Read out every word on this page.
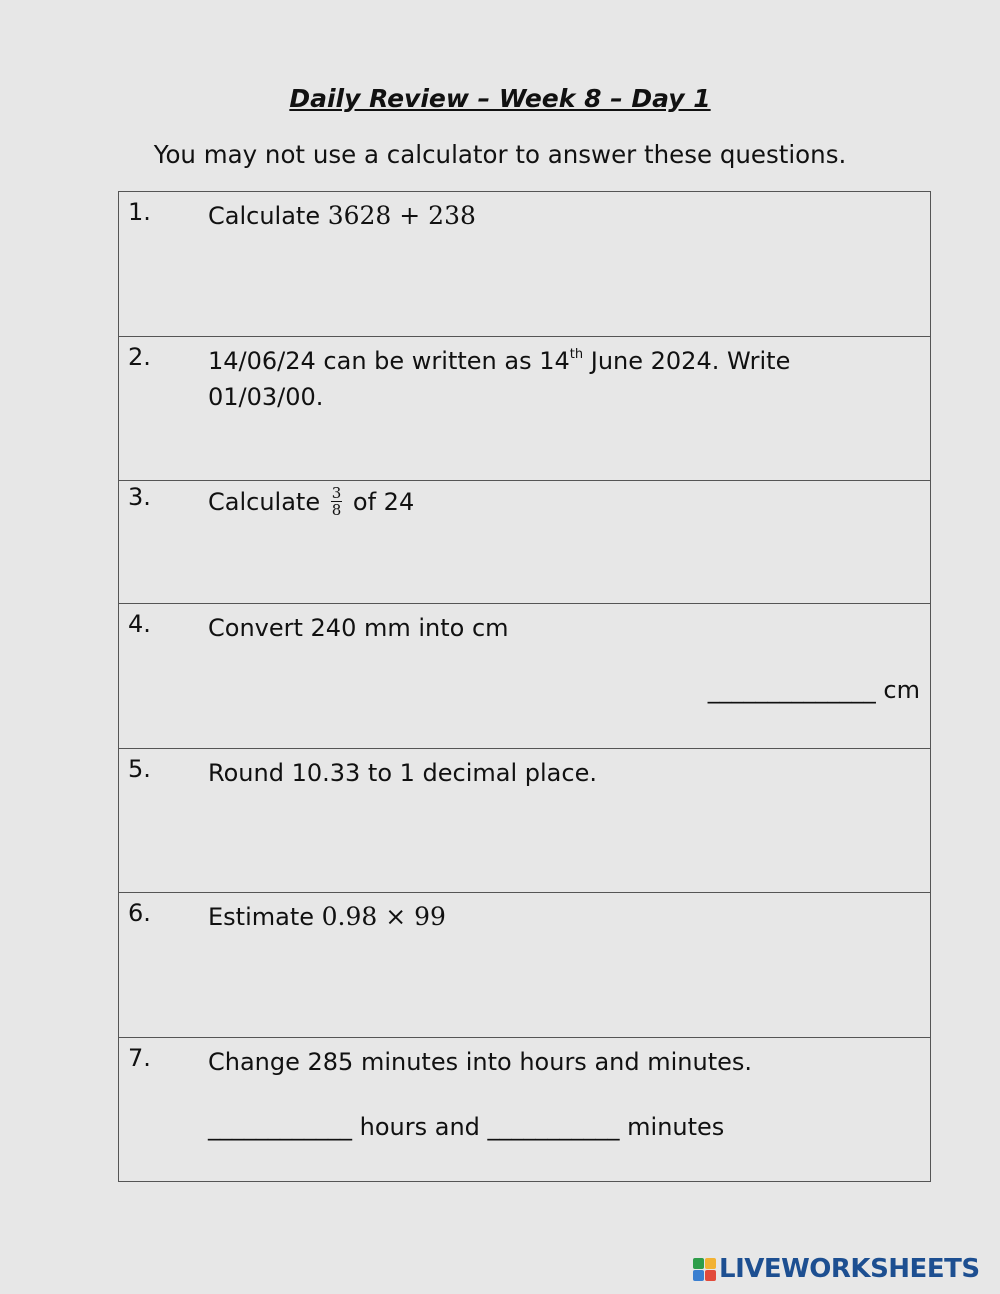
Daily Review – Week 8 – Day 1
You may not use a calculator to answer these questions.
1. Calculate 3628 + 238

2. 14/06/24 can be written as 14th June 2024. Write
01/03/00.

3. Calculate $\frac{3}{8}$ of 24

4. Convert 240 mm into cm
______________ cm

5. Round 10.33 to 1 decimal place.

6. Estimate 0.98 × 99

7. Change 285 minutes into hours and minutes.
____________ hours and ___________ minutes
LIVEWORKSHEETS
